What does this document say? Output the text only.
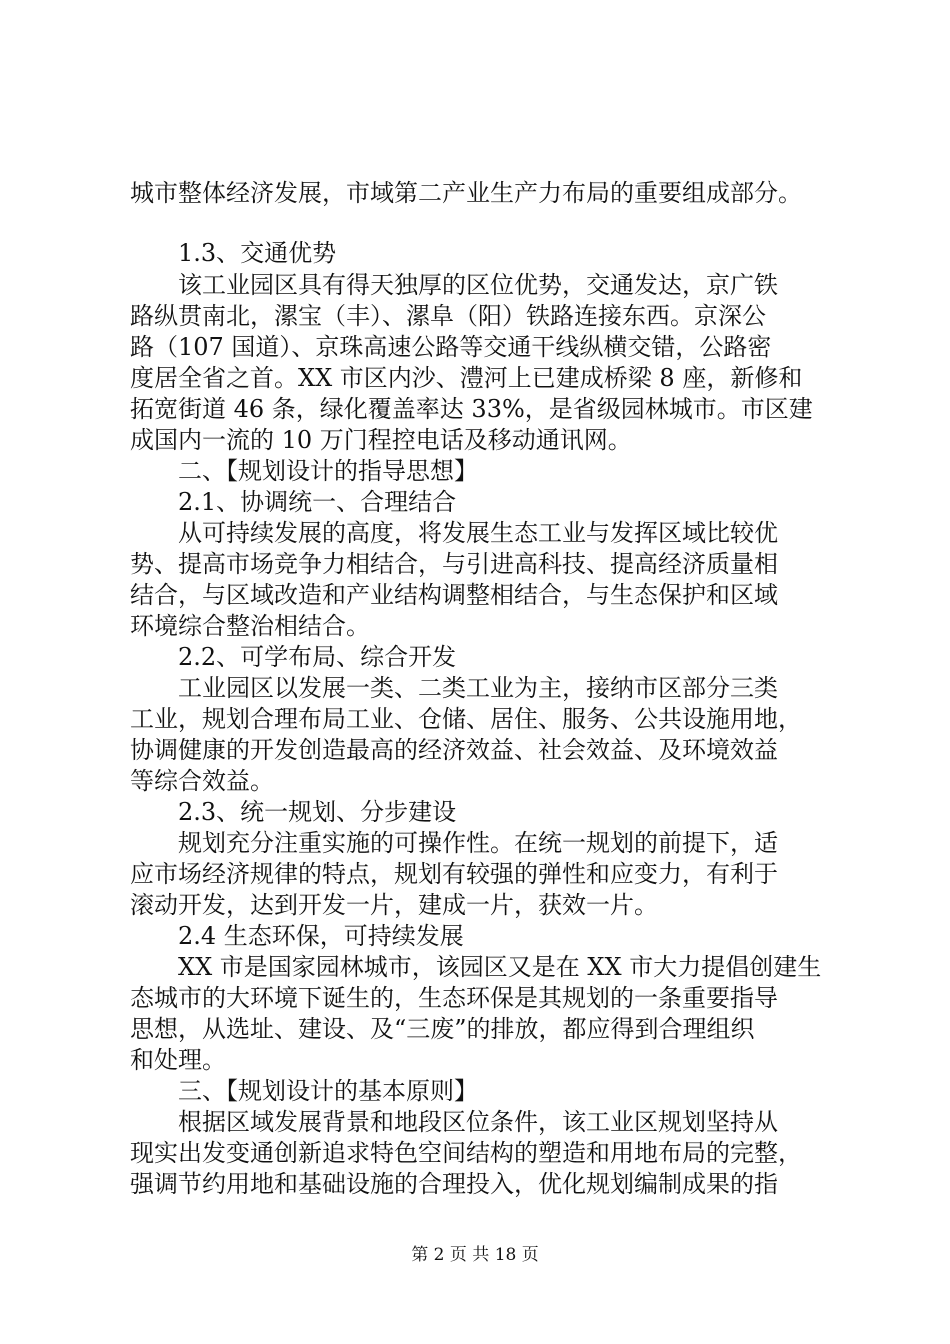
城市整体经济发展，市域第二产业生产力布局的重要组成部分。

1.3、交通优势

该工业园区具有得天独厚的区位优势，交通发达，京广铁

路纵贯南北，漯宝（丰）、漯阜（阳）铁路连接东西。京深公

路（107 国道）、京珠高速公路等交通干线纵横交错，公路密

度居全省之首。XX 市区内沙、澧河上已建成桥梁 8 座，新修和

拓宽街道 46 条，绿化覆盖率达 33%，是省级园林城市。市区建

成国内一流的 10 万门程控电话及移动通讯网。

二、【规划设计的指导思想】

2.1、协调统一、合理结合

从可持续发展的高度，将发展生态工业与发挥区域比较优

势、提高市场竞争力相结合，与引进高科技、提高经济质量相

结合，与区域改造和产业结构调整相结合，与生态保护和区域

环境综合整治相结合。

2.2、可学布局、综合开发

工业园区以发展一类、二类工业为主，接纳市区部分三类

工业，规划合理布局工业、仓储、居住、服务、公共设施用地，

协调健康的开发创造最高的经济效益、社会效益、及环境效益

等综合效益。

2.3、统一规划、分步建设

规划充分注重实施的可操作性。在统一规划的前提下，适

应市场经济规律的特点，规划有较强的弹性和应变力，有利于

滚动开发，达到开发一片，建成一片，获效一片。

2.4 生态环保，可持续发展

XX 市是国家园林城市，该园区又是在 XX 市大力提倡创建生

态城市的大环境下诞生的，生态环保是其规划的一条重要指导

思想，从选址、建设、及“三废”的排放，都应得到合理组织

和处理。

三、【规划设计的基本原则】

根据区域发展背景和地段区位条件，该工业区规划坚持从

现实出发变通创新追求特色空间结构的塑造和用地布局的完整，

强调节约用地和基础设施的合理投入，优化规划编制成果的指

第 2 页 共 18 页
